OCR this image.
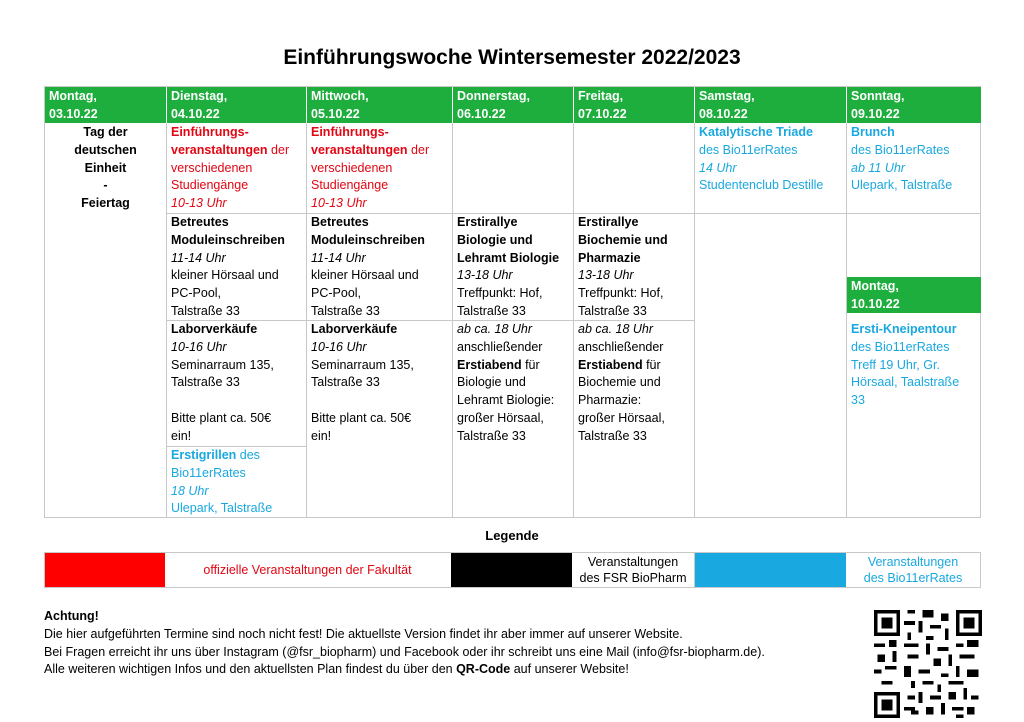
Einführungswoche Wintersemester 2022/2023
Montag,
03.10.22
Dienstag,
04.10.22
Mittwoch,
05.10.22
Donnerstag,
06.10.22
Freitag,
07.10.22
Samstag,
08.10.22
Sonntag,
09.10.22
Tag der
deutschen
Einheit
-
Feiertag
Einführungs-
veranstaltungen der
verschiedenen
Studiengänge
10-13 Uhr
Einführungs-
veranstaltungen der
verschiedenen
Studiengänge
10-13 Uhr
Katalytische Triade
des Bio11erRates
14 Uhr
Studentenclub Destille
Brunch
des Bio11erRates
ab 11 Uhr
Ulepark, Talstraße
Betreutes
Moduleinschreiben
11-14 Uhr
kleiner Hörsaal und
PC-Pool,
Talstraße 33
Betreutes
Moduleinschreiben
11-14 Uhr
kleiner Hörsaal und
PC-Pool,
Talstraße 33
Erstirallye
Biologie und
Lehramt Biologie
13-18 Uhr
Treffpunkt: Hof,
Talstraße 33
Erstirallye
Biochemie und
Pharmazie
13-18 Uhr
Treffpunkt: Hof,
Talstraße 33
Montag,
10.10.22
Ersti-Kneipentour
des Bio11erRates
Treff 19 Uhr, Gr.
Hörsaal, Taalstraße
33
Laborverkäufe
10-16 Uhr
Seminarraum 135,
Talstraße 33

Bitte plant ca. 50€
ein!
Laborverkäufe
10-16 Uhr
Seminarraum 135,
Talstraße 33

Bitte plant ca. 50€
ein!
ab ca. 18 Uhr
anschließender
Erstiabend für
Biologie und
Lehramt Biologie:
großer Hörsaal,
Talstraße 33
ab ca. 18 Uhr
anschließender
Erstiabend für
Biochemie und
Pharmazie:
großer Hörsaal,
Talstraße 33
Erstigrillen des
Bio11erRates
18 Uhr
Ulepark, Talstraße
Legende
offizielle Veranstaltungen der Fakultät
Veranstaltungen
des FSR BioPharm
Veranstaltungen
des Bio11erRates
Achtung!
Die hier aufgeführten Termine sind noch nicht fest! Die aktuellste Version findet ihr aber immer auf unserer Website.
Bei Fragen erreicht ihr uns über Instagram (@fsr_biopharm) und Facebook oder ihr schreibt uns eine Mail (info@fsr-biopharm.de).
Alle weiteren wichtigen Infos und den aktuellsten Plan findest du über den QR-Code auf unserer Website!
